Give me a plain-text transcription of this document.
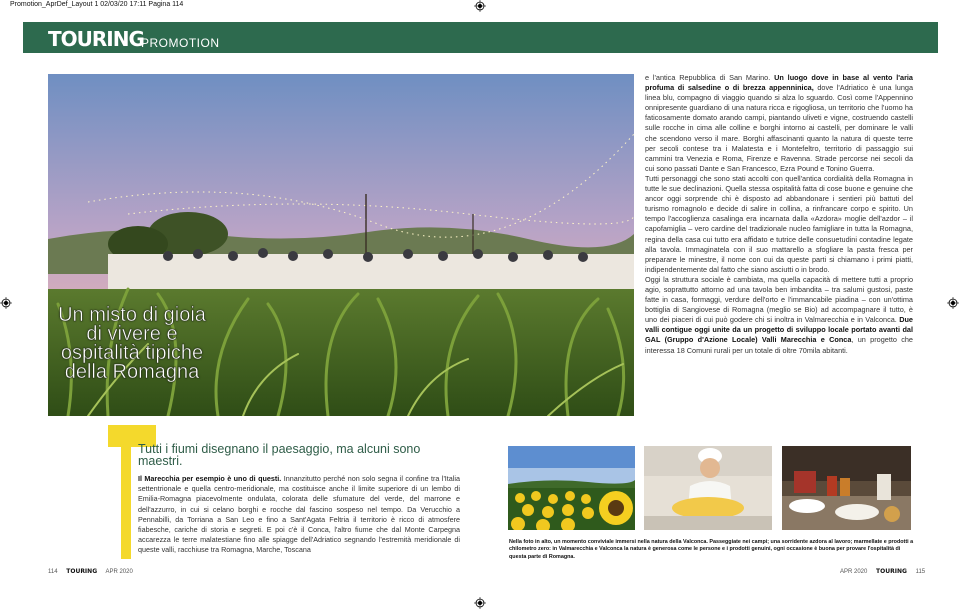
Promotion_AprDef_Layout 1 02/03/20 17:11 Pagina 114
TOURING
PROMOTION
Un misto di gioia di vivere e ospitalità tipiche della Romagna

e l'antica Repubblica di San Marino. Un luogo dove in base al vento l'aria profuma di salsedine o di brezza appenninica, dove l'Adriatico è una lunga linea blu, compagno di viaggio quando si alza lo sguardo. Così come l'Appennino onnipresente guardiano di una natura ricca e rigogliosa, un territorio che l'uomo ha faticosamente domato arando campi, piantando uliveti e vigne, costruendo castelli sulle rocche in cima alle colline e borghi intorno ai castelli, per dominare le valli che scendono verso il mare. Borghi affascinanti quanto la natura di queste terre per secoli contese tra i Malatesta e i Montefeltro, territorio di passaggio sui cammini tra Venezia e Roma, Firenze e Ravenna. Strade percorse nei secoli da cui sono passati Dante e San Francesco, Ezra Pound e Tonino Guerra.

Tutti personaggi che sono stati accolti con quell'antica cordialità della Romagna in tutte le sue declinazioni. Quella stessa ospitalità fatta di cose buone e genuine che ancor oggi sorprende chi è disposto ad abbandonare i sentieri più battuti del turismo romagnolo e decide di salire in collina, a rinfrancare corpo e spirito. Un tempo l'accoglienza casalinga era incarnata dalla «Azdora» moglie dell'azdor – il capofamiglia – vero cardine del tradizionale nucleo famigliare in tutta la Romagna, regina della casa cui tutto era affidato e tutrice delle consuetudini contadine legate alla tavola. Immaginatela con il suo mattarello a sfogliare la pasta fresca per preparare le minestre, il nome con cui da queste parti si chiamano i primi piatti, indipendentemente dal fatto che siano asciutti o in brodo.

Oggi la struttura sociale è cambiata, ma quella capacità di mettere tutti a proprio agio, soprattutto attorno ad una tavola ben imbandita – tra salumi gustosi, paste fatte in casa, formaggi, verdure dell'orto e l'immancabile piadina – con un'ottima bottiglia di Sangiovese di Romagna (meglio se Bio) ad accompagnare il tutto, è uno dei piaceri di cui può godere chi si inoltra in Valmarecchia e in Valconca. Due valli contigue oggi unite da un progetto di sviluppo locale portato avanti dal GAL (Gruppo d'Azione Locale) Valli Marecchia e Conca, un progetto che interessa 18 Comuni rurali per un totale di oltre 70mila abitanti.

Tutti i fiumi disegnano il paesaggio, ma alcuni sono maestri.
Il Marecchia per esempio è uno di questi. Innanzitutto perché non solo segna il confine tra l'Italia settentrionale e quella centro-meridionale, ma costituisce anche il limite superiore di un lembo di Emilia-Romagna piacevolmente ondulata, colorata delle sfumature del verde, del marrone e dell'azzurro, in cui si celano borghi e rocche dal fascino sospeso nel tempo. Da Verucchio a Pennabilli, da Torriana a San Leo e fino a Sant'Agata Feltria il territorio è ricco di atmosfere fiabesche, cariche di storia e segreti. E poi c'è il Conca, l'altro fiume che dal Monte Carpegna accarezza le terre malatestiane fino alle spiagge dell'Adriatico segnando l'estremità meridionale di queste valli, racchiuse tra Romagna, Marche, Toscana
Nella foto in alto, un momento conviviale immersi nella natura della Valconca. Passeggiate nei campi; una sorridente azdora al lavoro; marmellate e prodotti a chilometro zero: in Valmarecchia e Valconca la natura è generosa come le persone e i prodotti genuini, ogni occasione è buona per provare l'ospitalità di questa parte di Romagna.
114 TOURING APR 2020	APR 2020 TOURING 115
